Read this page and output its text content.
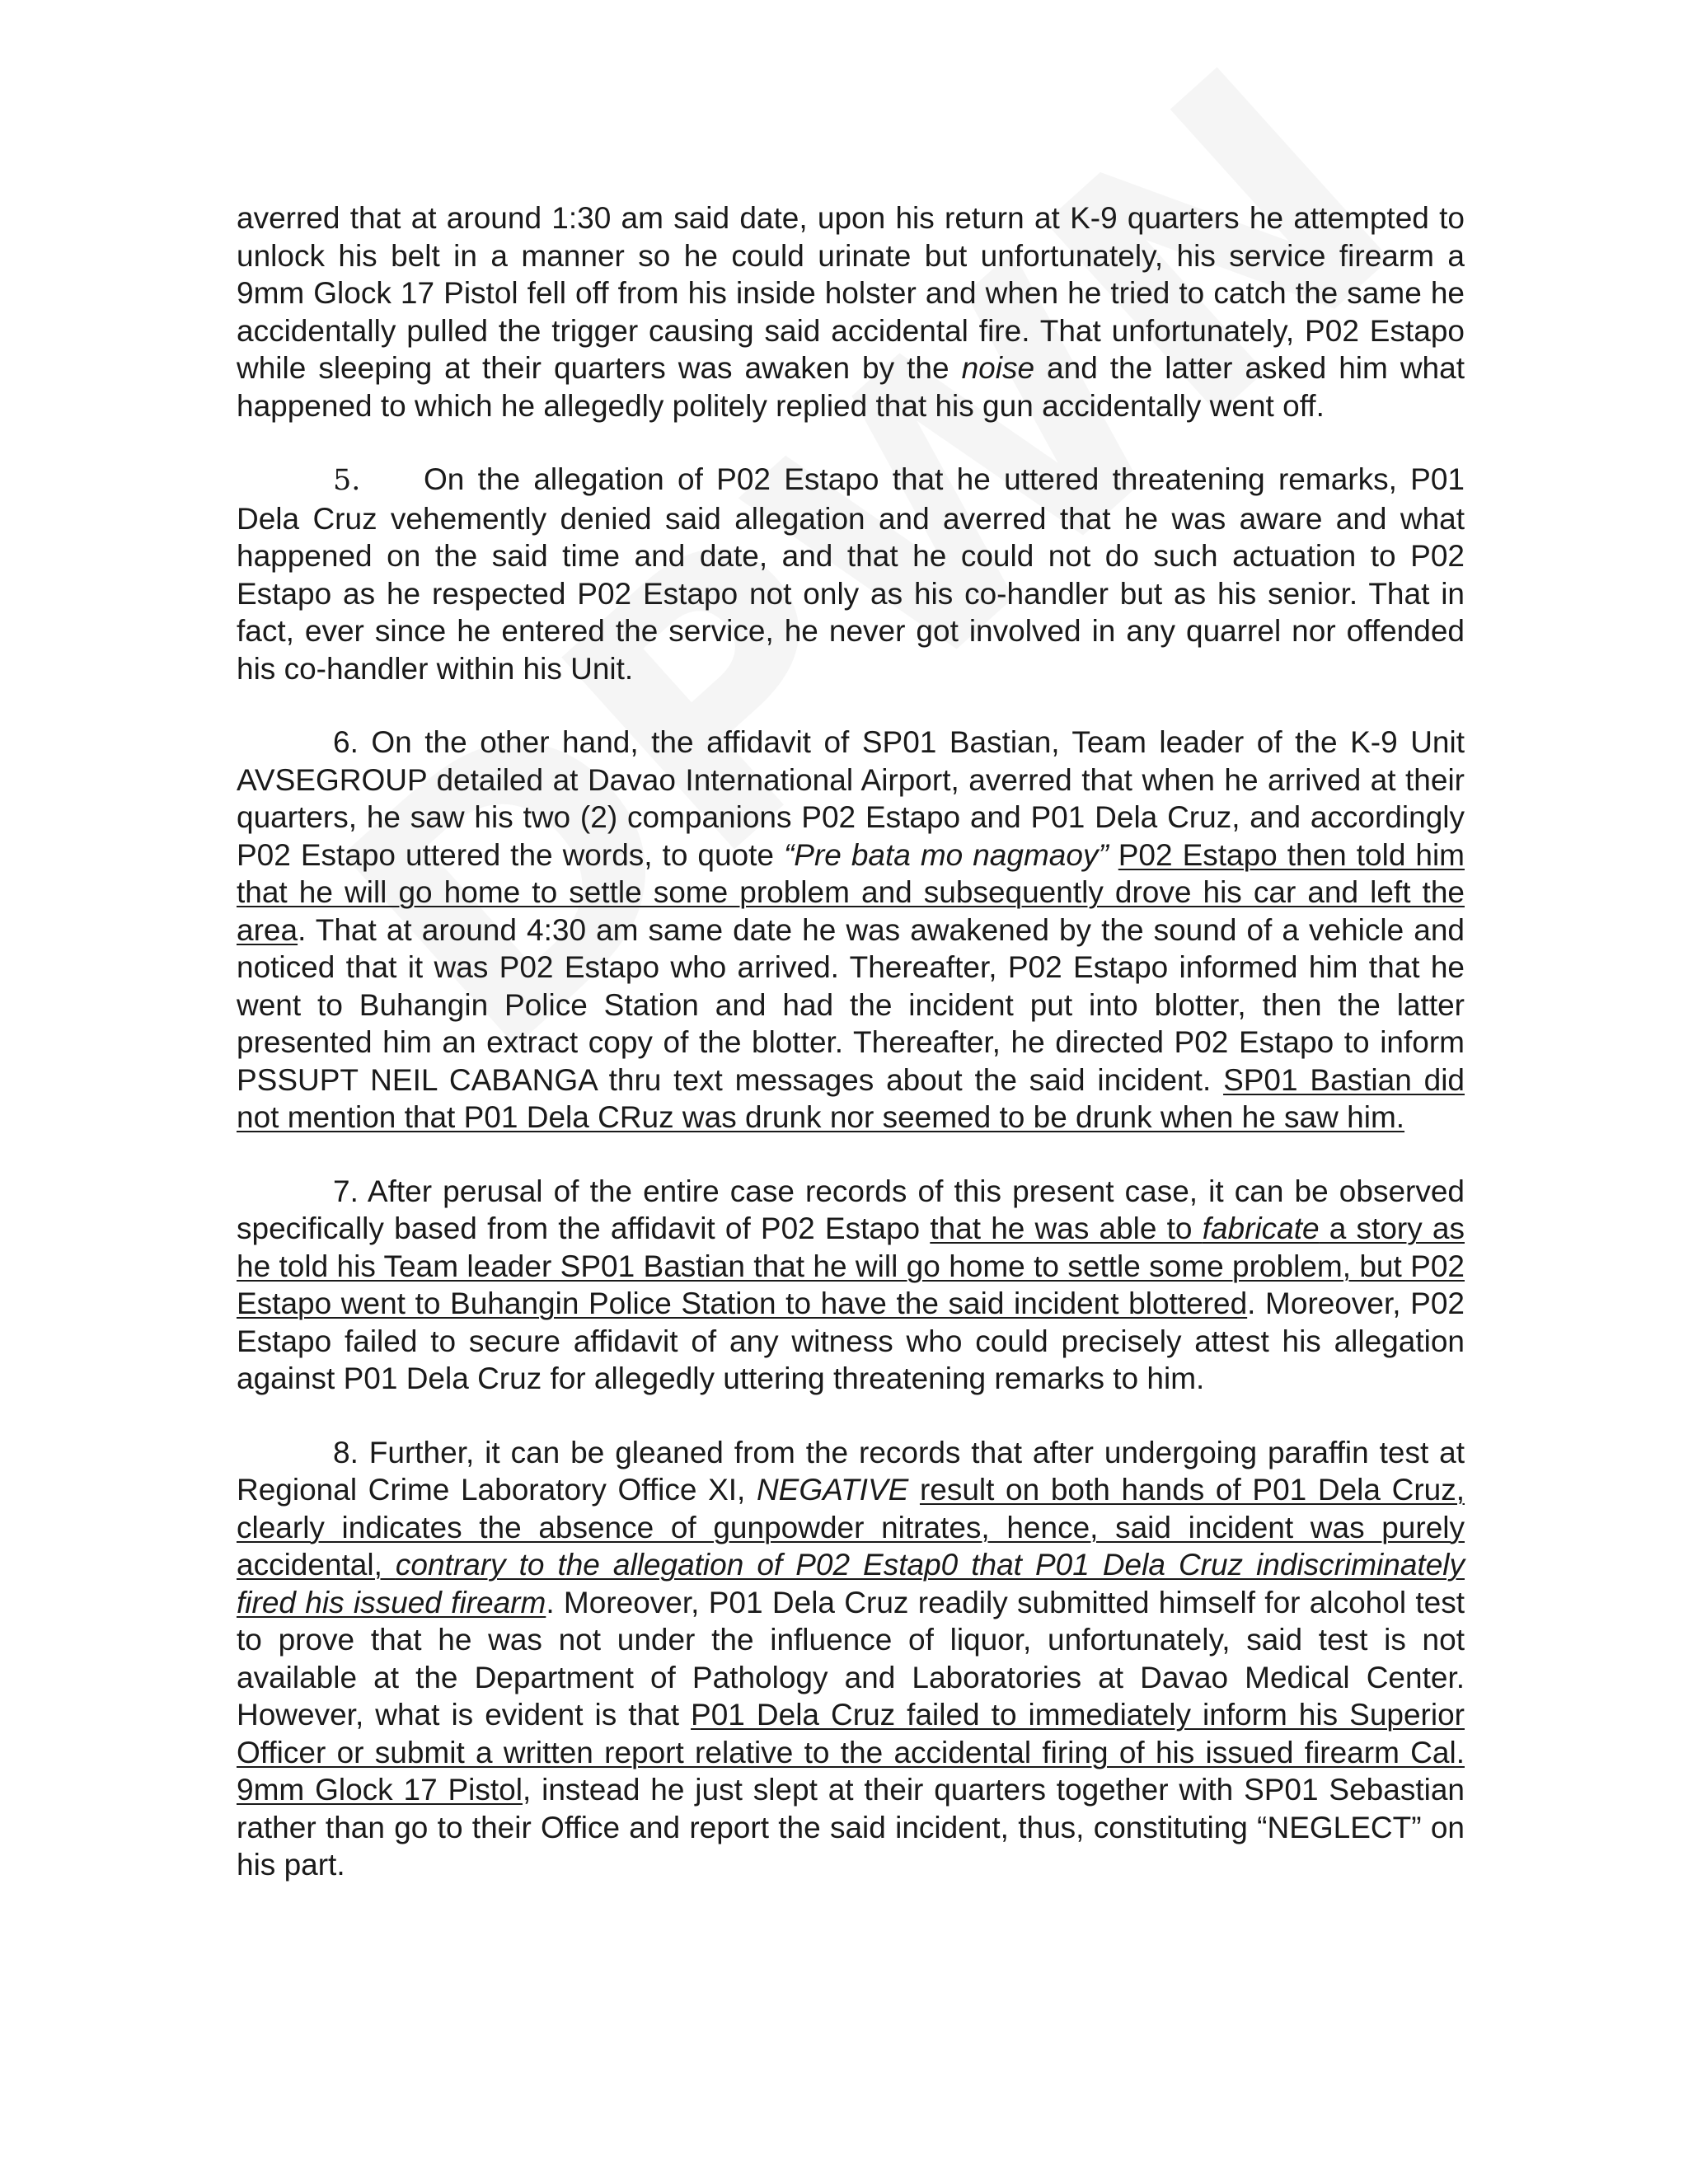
averred that at around 1:30 am said date, upon his return at K-9 quarters he attempted to unlock his belt in a manner so he could urinate but unfortunately, his service firearm a 9mm Glock 17 Pistol fell off from his inside holster and when he tried to catch the same he accidentally pulled the trigger causing said accidental fire. That unfortunately, P02 Estapo while sleeping at their quarters was awaken by the noise and the latter asked him what happened to which he allegedly politely replied that his gun accidentally went off.

5. On the allegation of P02 Estapo that he uttered threatening remarks, P01 Dela Cruz vehemently denied said allegation and averred that he was aware and what happened on the said time and date, and that he could not do such actuation to P02 Estapo as he respected P02 Estapo not only as his co-handler but as his senior. That in fact, ever since he entered the service, he never got involved in any quarrel nor offended his co-handler within his Unit.

6. On the other hand, the affidavit of SP01 Bastian, Team leader of the K-9 Unit AVSEGROUP detailed at Davao International Airport, averred that when he arrived at their quarters, he saw his two (2) companions P02 Estapo and P01 Dela Cruz, and accordingly P02 Estapo uttered the words, to quote “Pre bata mo nagmaoy” P02 Estapo then told him that he will go home to settle some problem and subsequently drove his car and left the area. That at around 4:30 am same date he was awakened by the sound of a vehicle and noticed that it was P02 Estapo who arrived. Thereafter, P02 Estapo informed him that he went to Buhangin Police Station and had the incident put into blotter, then the latter presented him an extract copy of the blotter. Thereafter, he directed P02 Estapo to inform PSSUPT NEIL CABANGA thru text messages about the said incident. SP01 Bastian did not mention that P01 Dela CRuz was drunk nor seemed to be drunk when he saw him.

7. After perusal of the entire case records of this present case, it can be observed specifically based from the affidavit of P02 Estapo that he was able to fabricate a story as he told his Team leader SP01 Bastian that he will go home to settle some problem, but P02 Estapo went to Buhangin Police Station to have the said incident blottered. Moreover, P02 Estapo failed to secure affidavit of any witness who could precisely attest his allegation against P01 Dela Cruz for allegedly uttering threatening remarks to him.

8. Further, it can be gleaned from the records that after undergoing paraffin test at Regional Crime Laboratory Office XI, NEGATIVE result on both hands of P01 Dela Cruz, clearly indicates the absence of gunpowder nitrates, hence, said incident was purely accidental, contrary to the allegation of P02 Estap0 that P01 Dela Cruz indiscriminately fired his issued firearm. Moreover, P01 Dela Cruz readily submitted himself for alcohol test to prove that he was not under the influence of liquor, unfortunately, said test is not available at the Department of Pathology and Laboratories at Davao Medical Center. However, what is evident is that P01 Dela Cruz failed to immediately inform his Superior Officer or submit a written report relative to the accidental firing of his issued firearm Cal. 9mm Glock 17 Pistol, instead he just slept at their quarters together with SP01 Sebastian rather than go to their Office and report the said incident, thus, constituting “NEGLECT” on his part.
